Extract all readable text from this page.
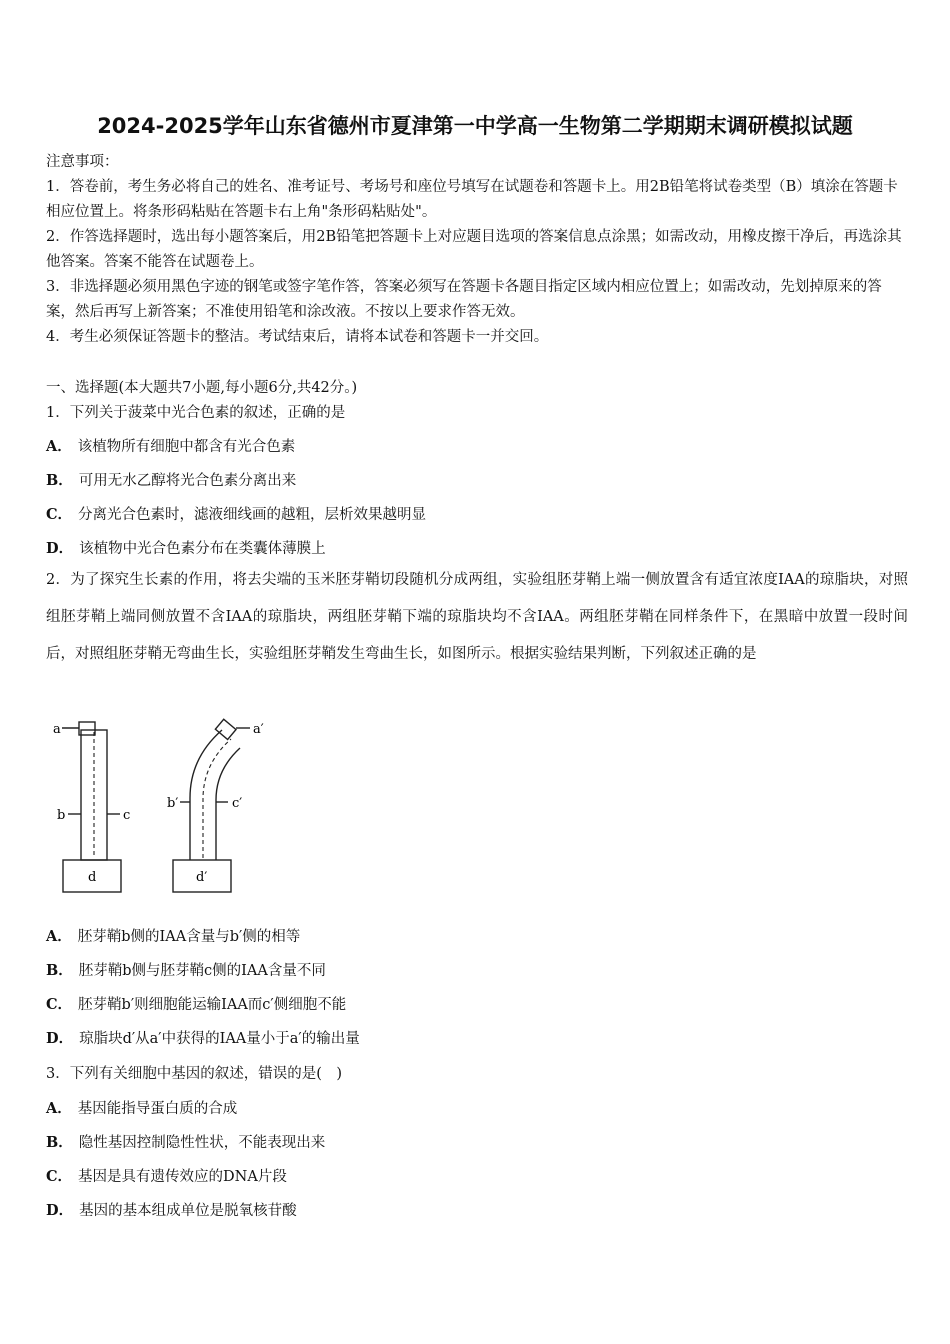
2024-2025学年山东省德州市夏津第一中学高一生物第二学期期末调研模拟试题

注意事项：

1．答卷前，考生务必将自己的姓名、准考证号、考场号和座位号填写在试题卷和答题卡上。用2B铅笔将试卷类型（B）填涂在答题卡相应位置上。将条形码粘贴在答题卡右上角"条形码粘贴处"。

2．作答选择题时，选出每小题答案后，用2B铅笔把答题卡上对应题目选项的答案信息点涂黑；如需改动，用橡皮擦干净后，再选涂其他答案。答案不能答在试题卷上。

3．非选择题必须用黑色字迹的钢笔或签字笔作答，答案必须写在答题卡各题目指定区域内相应位置上；如需改动，先划掉原来的答案，然后再写上新答案；不准使用铅笔和涂改液。不按以上要求作答无效。

4．考生必须保证答题卡的整洁。考试结束后，请将本试卷和答题卡一并交回。

一、选择题(本大题共7小题,每小题6分,共42分。)
1．下列关于菠菜中光合色素的叙述，正确的是
A． 该植物所有细胞中都含有光合色素
B． 可用无水乙醇将光合色素分离出来
C． 分离光合色素时，滤液细线画的越粗，层析效果越明显
D． 该植物中光合色素分布在类囊体薄膜上
2．为了探究生长素的作用，将去尖端的玉米胚芽鞘切段随机分成两组，实验组胚芽鞘上端一侧放置含有适宜浓度IAA的琼脂块，对照组胚芽鞘上端同侧放置不含IAA的琼脂块，两组胚芽鞘下端的琼脂块均不含IAA。两组胚芽鞘在同样条件下，在黑暗中放置一段时间后，对照组胚芽鞘无弯曲生长，实验组胚芽鞘发生弯曲生长，如图所示。根据实验结果判断，下列叙述正确的是
a
b	c
d
a′
b′	c′
d′
A． 胚芽鞘b侧的IAA含量与b′侧的相等
B． 胚芽鞘b侧与胚芽鞘c侧的IAA含量不同
C． 胚芽鞘b′则细胞能运输IAA而c′侧细胞不能
D． 琼脂块d′从a′中获得的IAA量小于a′的输出量
3．下列有关细胞中基因的叙述，错误的是(　)
A． 基因能指导蛋白质的合成
B． 隐性基因控制隐性性状，不能表现出来
C． 基因是具有遗传效应的DNA片段
D． 基因的基本组成单位是脱氧核苷酸
